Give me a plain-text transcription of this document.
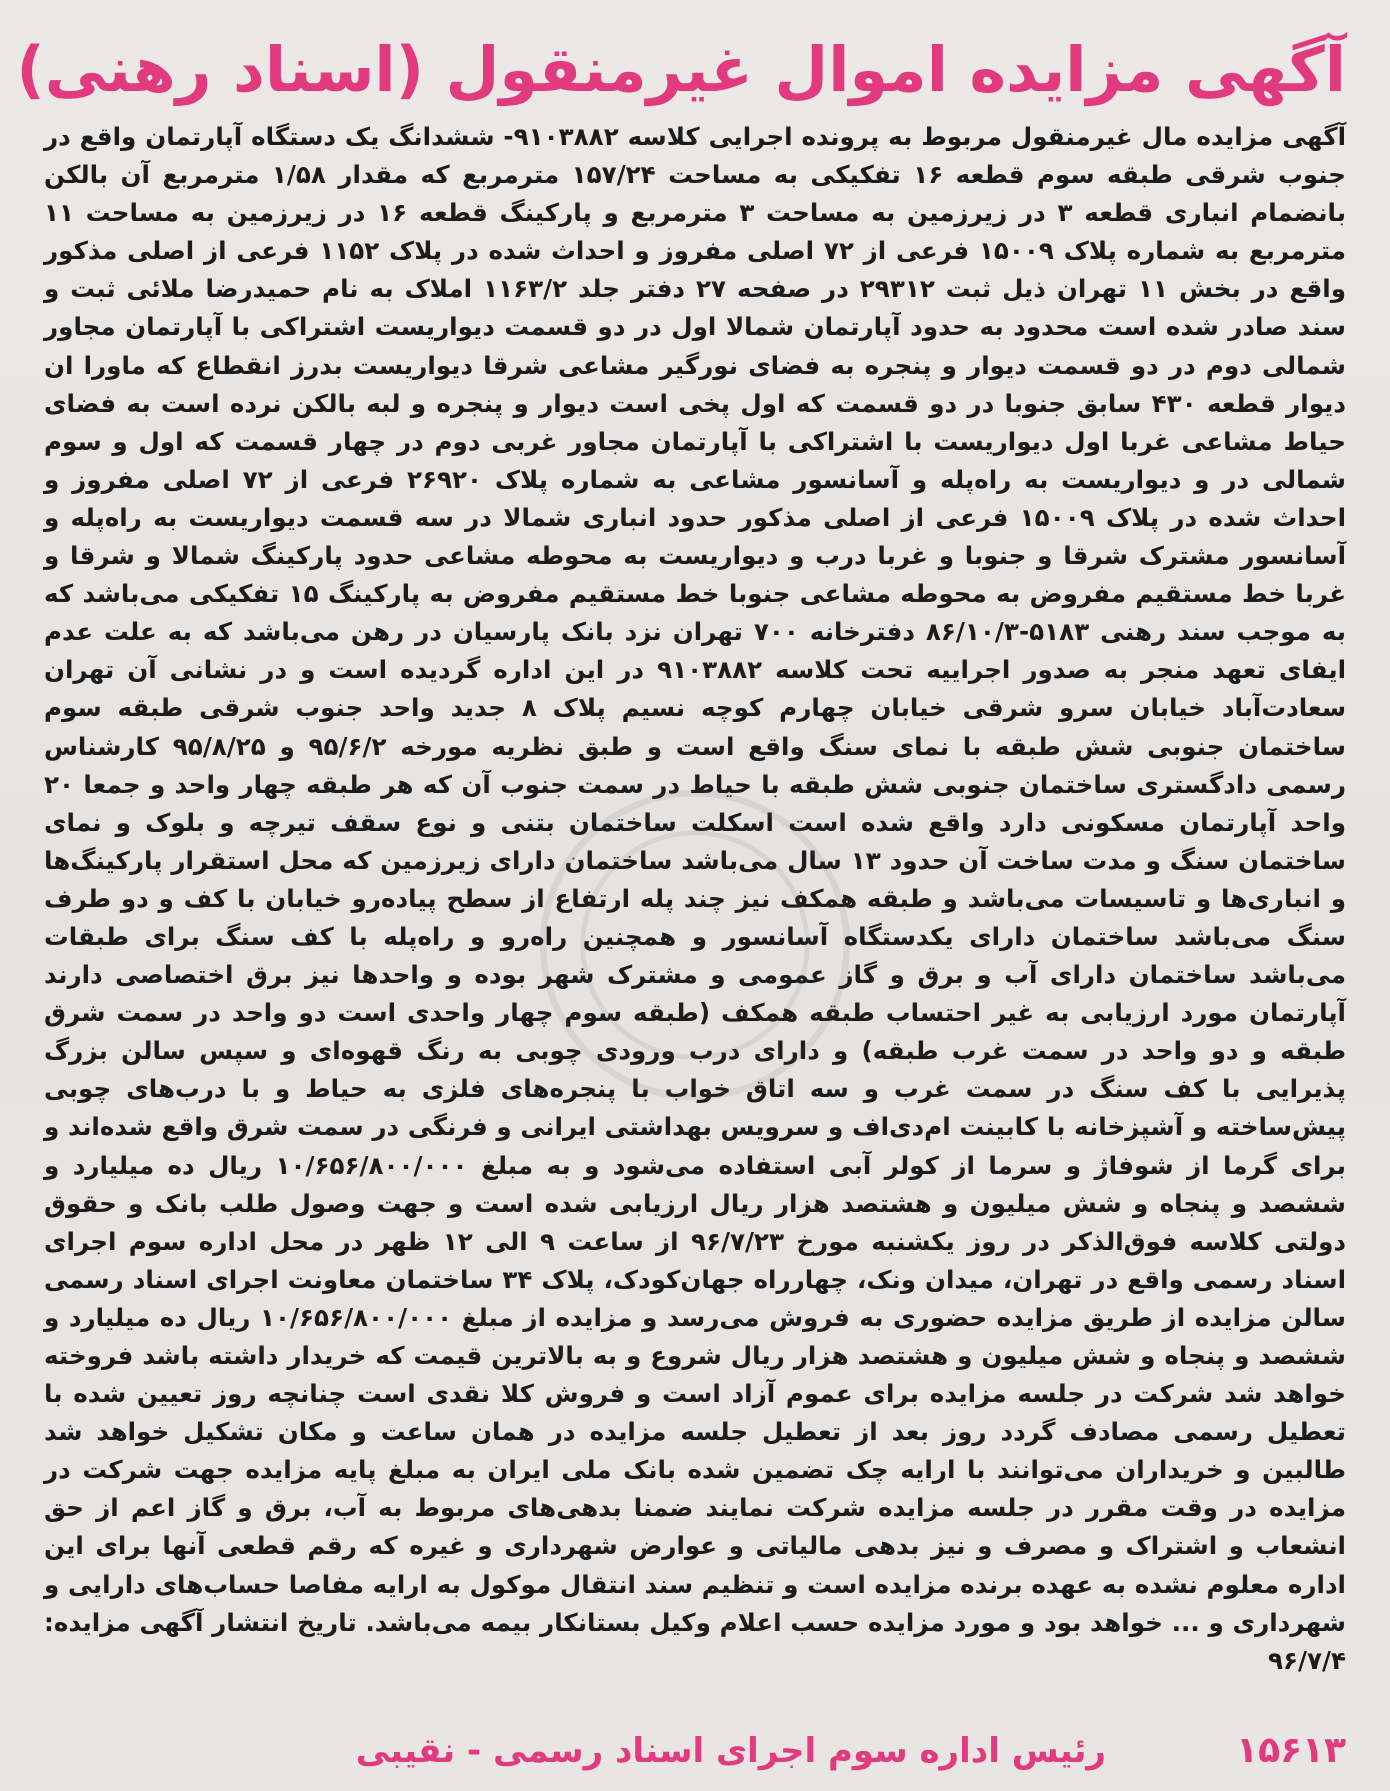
آگهی مزایده اموال غیرمنقول (اسناد رهنی)

آگهی مزایده مال غیرمنقول مربوط به پرونده اجرایی کلاسه ۹۱۰۳۸۸۲- ششدانگ یک دستگاه آپارتمان واقع در جنوب شرقی طبقه سوم قطعه ۱۶ تفکیکی به مساحت ۱۵۷/۲۴ مترمربع که مقدار ۱/۵۸ مترمربع آن بالکن بانضمام انباری قطعه ۳ در زیرزمین به مساحت ۳ مترمربع و پارکینگ قطعه ۱۶ در زیرزمین به مساحت ۱۱ مترمربع به شماره پلاک ۱۵۰۰۹ فرعی از ۷۲ اصلی مفروز و احداث شده در پلاک ۱۱۵۲ فرعی از اصلی مذکور واقع در بخش ۱۱ تهران ذیل ثبت ۲۹۳۱۲ در صفحه ۲۷ دفتر جلد ۱۱۶۳/۲ املاک به نام حمیدرضا ملائی ثبت و سند صادر شده است محدود به حدود آپارتمان شمالا اول در دو قسمت دیواریست اشتراکی با آپارتمان مجاور شمالی دوم در دو قسمت دیوار و پنجره به فضای نورگیر مشاعی شرقا دیواریست بدرز انقطاع که ماورا ان دیوار قطعه ۴۳۰ سابق جنوبا در دو قسمت که اول پخی است دیوار و پنجره و لبه بالکن نرده است به فضای حیاط مشاعی غربا اول دیواریست با اشتراکی با آپارتمان مجاور غربی دوم در چهار قسمت که اول و سوم شمالی در و دیواریست به راه‌پله و آسانسور مشاعی به شماره پلاک ۲۶۹۲۰ فرعی از ۷۲ اصلی مفروز و احداث شده در پلاک ۱۵۰۰۹ فرعی از اصلی مذکور حدود انباری شمالا در سه قسمت دیواریست به راه‌پله و آسانسور مشترک شرقا و جنوبا و غربا درب و دیواریست به محوطه مشاعی حدود پارکینگ شمالا و شرقا و غربا خط مستقیم مفروض به محوطه مشاعی جنوبا خط مستقیم مفروض به پارکینگ ۱۵ تفکیکی می‌باشد که به موجب سند رهنی ۵۱۸۳-۸۶/۱۰/۳ دفترخانه ۷۰۰ تهران نزد بانک پارسیان در رهن می‌باشد که به علت عدم ایفای تعهد منجر به صدور اجراییه تحت کلاسه ۹۱۰۳۸۸۲ در این اداره گردیده است و در نشانی آن تهران سعادت‌آباد خیابان سرو شرقی خیابان چهارم کوچه نسیم پلاک ۸ جدید واحد جنوب شرقی طبقه سوم ساختمان جنوبی شش طبقه با نمای سنگ واقع است و طبق نظریه مورخه ۹۵/۶/۲ و ۹۵/۸/۲۵ کارشناس رسمی دادگستری ساختمان جنوبی شش طبقه با حیاط در سمت جنوب آن که هر طبقه چهار واحد و جمعا ۲۰ واحد آپارتمان مسکونی دارد واقع شده است اسکلت ساختمان بتنی و نوع سقف تیرچه و بلوک و نمای ساختمان سنگ و مدت ساخت آن حدود ۱۳ سال می‌باشد ساختمان دارای زیرزمین که محل استقرار پارکینگ‌ها و انباری‌ها و تاسیسات می‌باشد و طبقه همکف نیز چند پله ارتفاع از سطح پیاده‌رو خیابان با کف و دو طرف سنگ می‌باشد ساختمان دارای یکدستگاه آسانسور و همچنین راه‌رو و راه‌پله با کف سنگ برای طبقات می‌باشد ساختمان دارای آب و برق و گاز عمومی و مشترک شهر بوده و واحدها نیز برق اختصاصی دارند آپارتمان مورد ارزیابی به غیر احتساب طبقه همکف (طبقه سوم چهار واحدی است دو واحد در سمت شرق طبقه و دو واحد در سمت غرب طبقه) و دارای درب ورودی چوبی به رنگ قهوه‌ای و سپس سالن بزرگ پذیرایی با کف سنگ در سمت غرب و سه اتاق خواب با پنجره‌های فلزی به حیاط و با درب‌های چوبی پیش‌ساخته و آشپزخانه با کابینت ام‌دی‌اف و سرویس بهداشتی ایرانی و فرنگی در سمت شرق واقع شده‌اند و برای گرما از شوفاژ و سرما از کولر آبی استفاده می‌شود و به مبلغ ۱۰/۶۵۶/۸۰۰/۰۰۰ ریال ده میلیارد و ششصد و پنجاه و شش میلیون و هشتصد هزار ریال ارزیابی شده است و جهت وصول طلب بانک و حقوق دولتی کلاسه فوق‌الذکر در روز یکشنبه مورخ ۹۶/۷/۲۳ از ساعت ۹ الی ۱۲ ظهر در محل اداره سوم اجرای اسناد رسمی واقع در تهران، میدان ونک، چهارراه جهان‌کودک، پلاک ۳۴ ساختمان معاونت اجرای اسناد رسمی سالن مزایده از طریق مزایده حضوری به فروش می‌رسد و مزایده از مبلغ ۱۰/۶۵۶/۸۰۰/۰۰۰ ریال ده میلیارد و ششصد و پنجاه و شش میلیون و هشتصد هزار ریال شروع و به بالاترین قیمت که خریدار داشته باشد فروخته خواهد شد شرکت در جلسه مزایده برای عموم آزاد است و فروش کلا نقدی است چنانچه روز تعیین شده با تعطیل رسمی مصادف گردد روز بعد از تعطیل جلسه مزایده در همان ساعت و مکان تشکیل خواهد شد طالبین و خریداران می‌توانند با ارایه چک تضمین شده بانک ملی ایران به مبلغ پایه مزایده جهت شرکت در مزایده در وقت مقرر در جلسه مزایده شرکت نمایند ضمنا بدهی‌های مربوط به آب، برق و گاز اعم از حق انشعاب و اشتراک و مصرف و نیز بدهی مالیاتی و عوارض شهرداری و غیره که رقم قطعی آنها برای این اداره معلوم نشده به عهده برنده مزایده است و تنظیم سند انتقال موکول به ارایه مفاصا حساب‌های دارایی و شهرداری و ... خواهد بود و مورد مزایده حسب اعلام وکیل بستانکار بیمه می‌باشد. تاریخ انتشار آگهی مزایده: ۹۶/۷/۴

۱۵۶۱۳
رئیس اداره سوم اجرای اسناد رسمی - نقیبی
